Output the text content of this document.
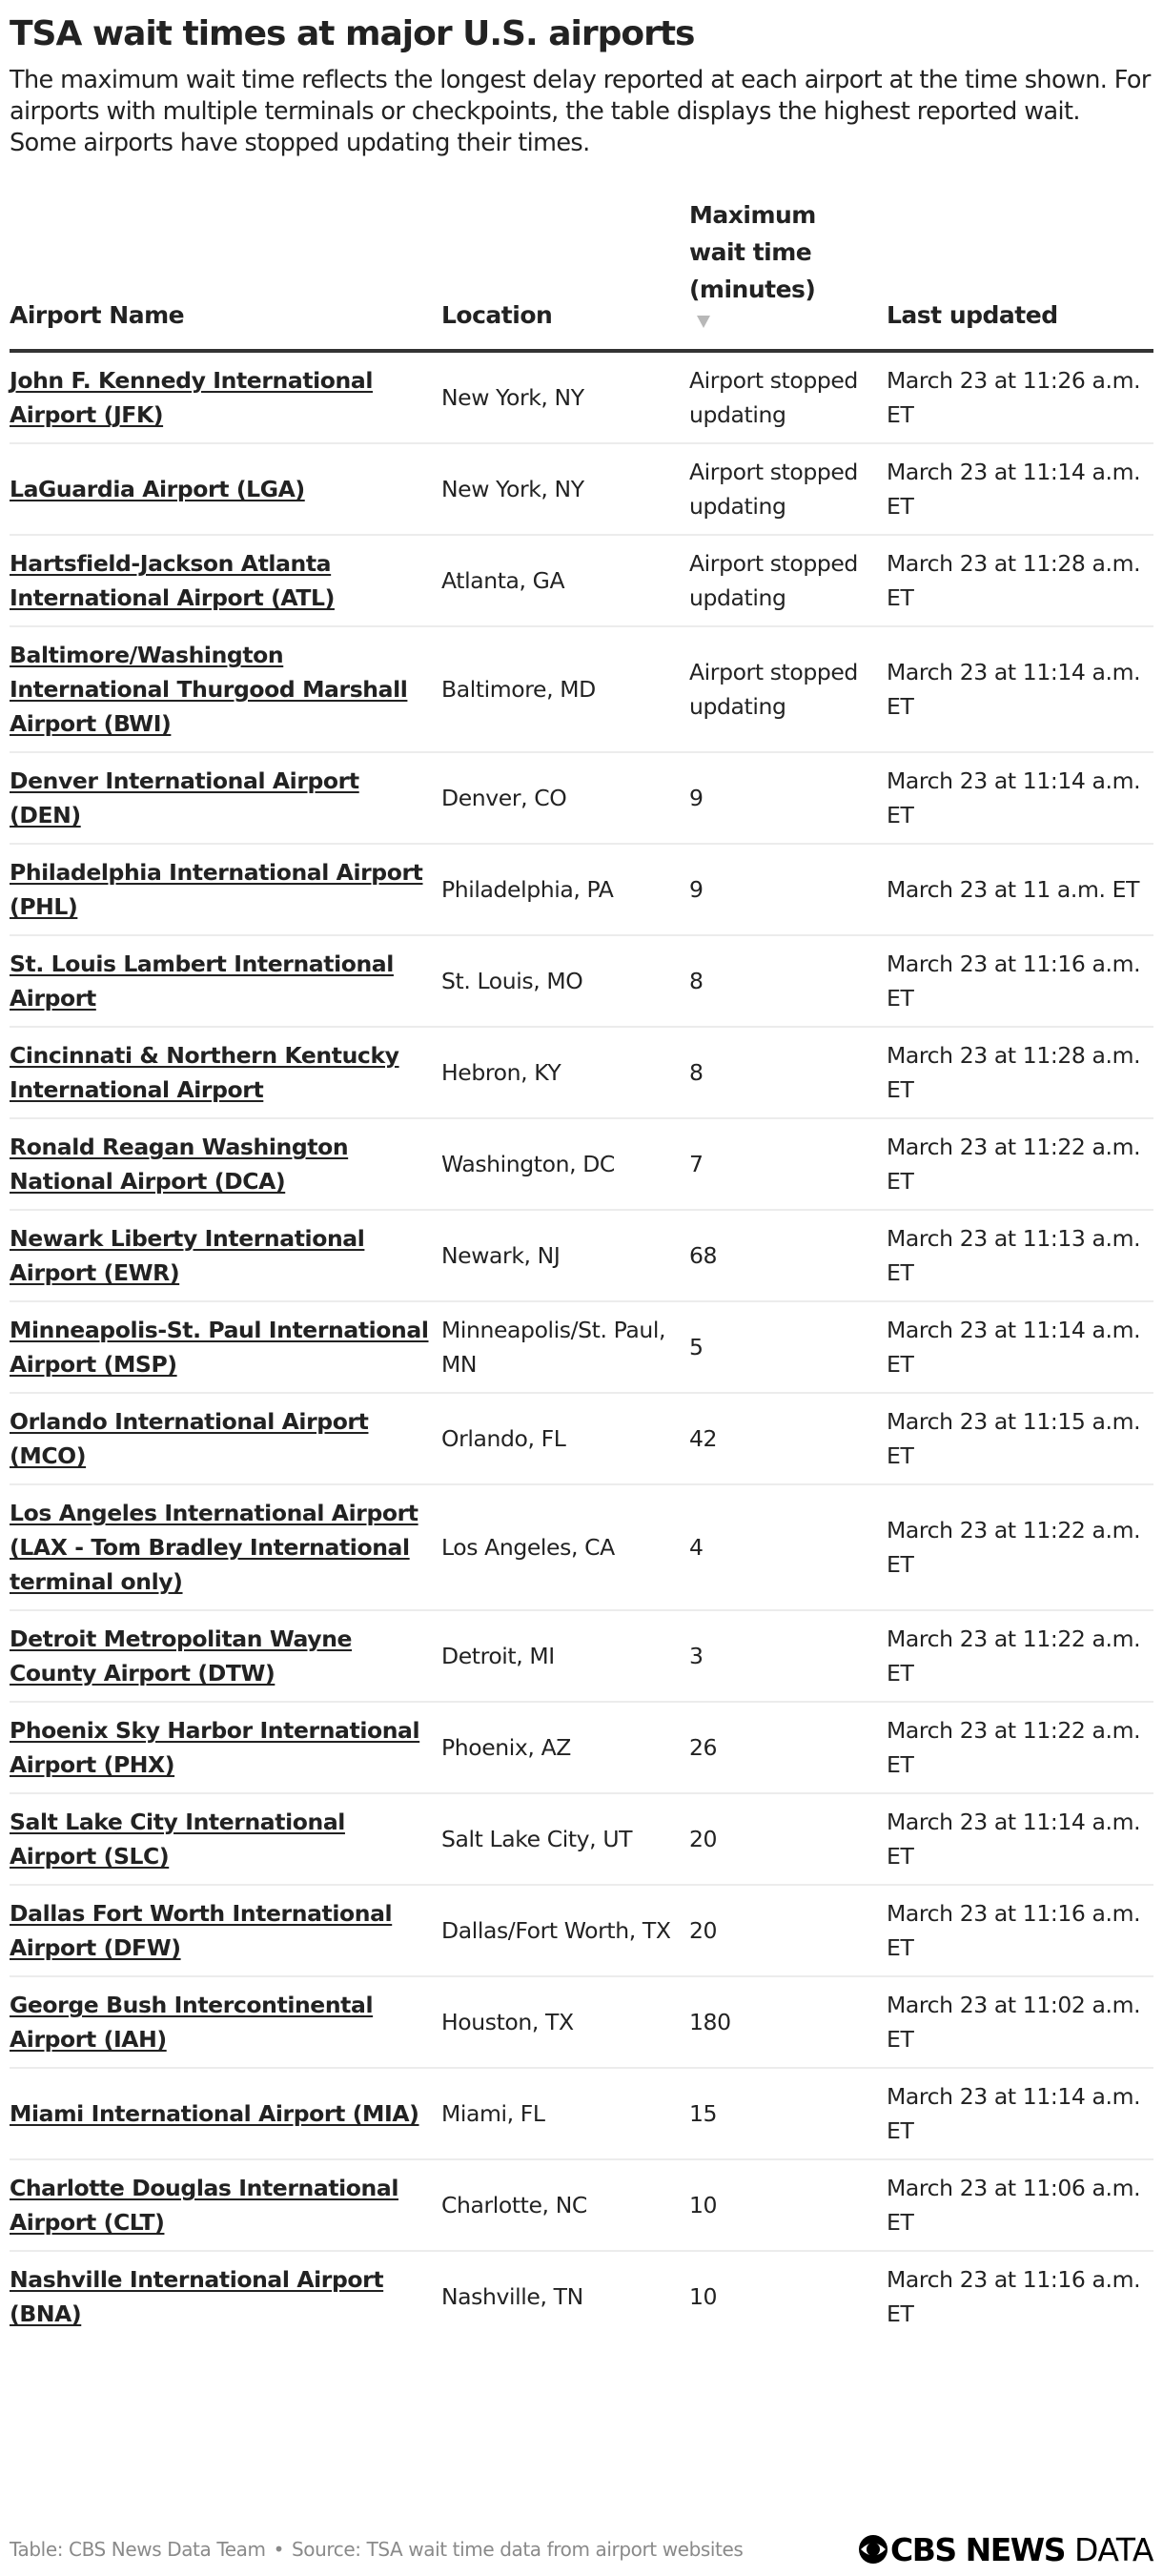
TSA wait times at major U.S. airports

The maximum wait time reflects the longest delay reported at each airport at the time shown. For airports with multiple terminals or checkpoints, the table displays the highest reported wait. Some airports have stopped updating their times.

Airport Name	Location	Maximum wait time (minutes)	Last updated
John F. Kennedy International Airport (JFK)	New York, NY	Airport stopped updating	March 23 at 11:26 a.m. ET
LaGuardia Airport (LGA)	New York, NY	Airport stopped updating	March 23 at 11:14 a.m. ET
Hartsfield-Jackson Atlanta International Airport (ATL)	Atlanta, GA	Airport stopped updating	March 23 at 11:28 a.m. ET
Baltimore/Washington International Thurgood Marshall Airport (BWI)	Baltimore, MD	Airport stopped updating	March 23 at 11:14 a.m. ET
Denver International Airport (DEN)	Denver, CO	9	March 23 at 11:14 a.m. ET
Philadelphia International Airport (PHL)	Philadelphia, PA	9	March 23 at 11 a.m. ET
St. Louis Lambert International Airport	St. Louis, MO	8	March 23 at 11:16 a.m. ET
Cincinnati & Northern Kentucky International Airport	Hebron, KY	8	March 23 at 11:28 a.m. ET
Ronald Reagan Washington National Airport (DCA)	Washington, DC	7	March 23 at 11:22 a.m. ET
Newark Liberty International Airport (EWR)	Newark, NJ	68	March 23 at 11:13 a.m. ET
Minneapolis-St. Paul International Airport (MSP)	Minneapolis/St. Paul, MN	5	March 23 at 11:14 a.m. ET
Orlando International Airport (MCO)	Orlando, FL	42	March 23 at 11:15 a.m. ET
Los Angeles International Airport (LAX - Tom Bradley International terminal only)	Los Angeles, CA	4	March 23 at 11:22 a.m. ET
Detroit Metropolitan Wayne County Airport (DTW)	Detroit, MI	3	March 23 at 11:22 a.m. ET
Phoenix Sky Harbor International Airport (PHX)	Phoenix, AZ	26	March 23 at 11:22 a.m. ET
Salt Lake City International Airport (SLC)	Salt Lake City, UT	20	March 23 at 11:14 a.m. ET
Dallas Fort Worth International Airport (DFW)	Dallas/Fort Worth, TX	20	March 23 at 11:16 a.m. ET
George Bush Intercontinental Airport (IAH)	Houston, TX	180	March 23 at 11:02 a.m. ET
Miami International Airport (MIA)	Miami, FL	15	March 23 at 11:14 a.m. ET
Charlotte Douglas International Airport (CLT)	Charlotte, NC	10	March 23 at 11:06 a.m. ET
Nashville International Airport (BNA)	Nashville, TN	10	March 23 at 11:16 a.m. ET
Table: CBS News Data Team • Source: TSA wait time data from airport websites	CBS NEWS DATA
